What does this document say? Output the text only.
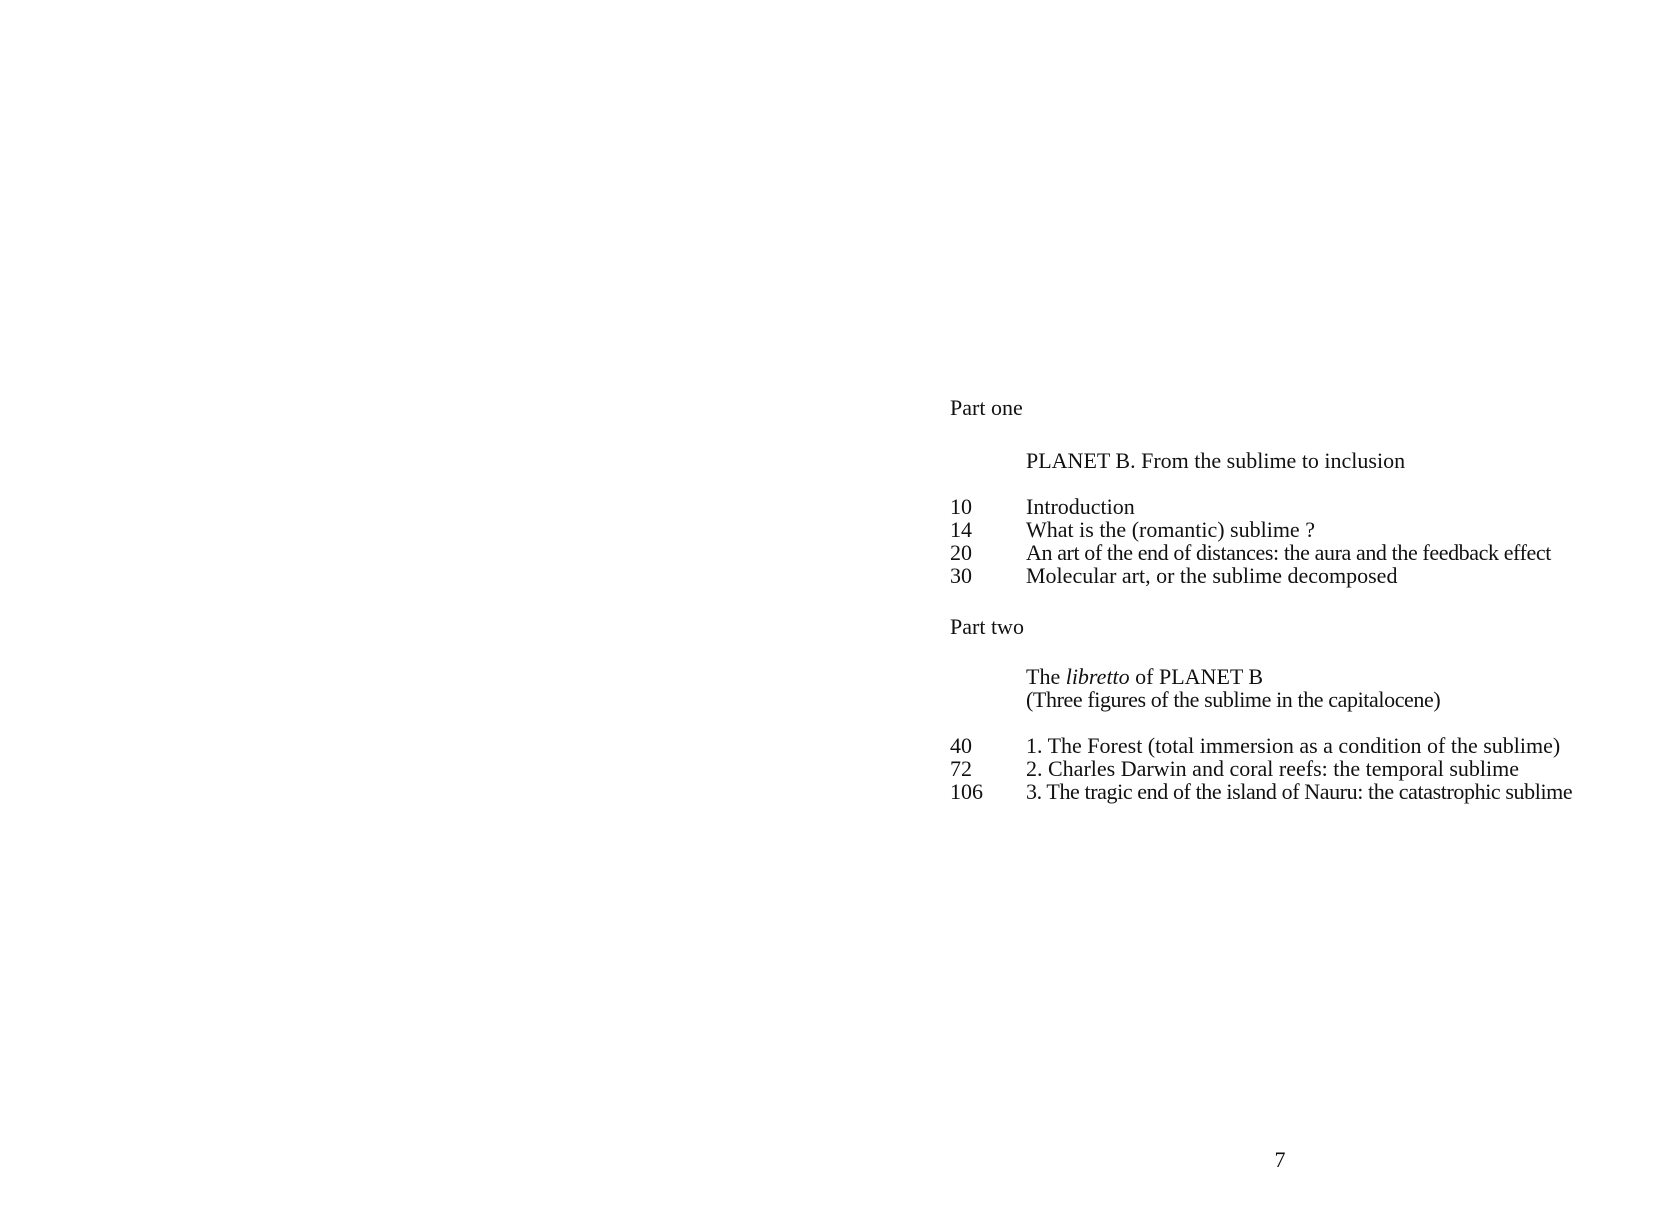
Part one
PLANET B. From the sublime to inclusion
10	Introduction
14	What is the (romantic) sublime ?
20	An art of the end of distances: the aura and the feedback effect
30	Molecular art, or the sublime decomposed
Part two
The libretto of PLANET B
(Three figures of the sublime in the capitalocene)
40	1. The Forest (total immersion as a condition of the sublime)
72	2. Charles Darwin and coral reefs: the temporal sublime
106	3. The tragic end of the island of Nauru: the catastrophic sublime
7
